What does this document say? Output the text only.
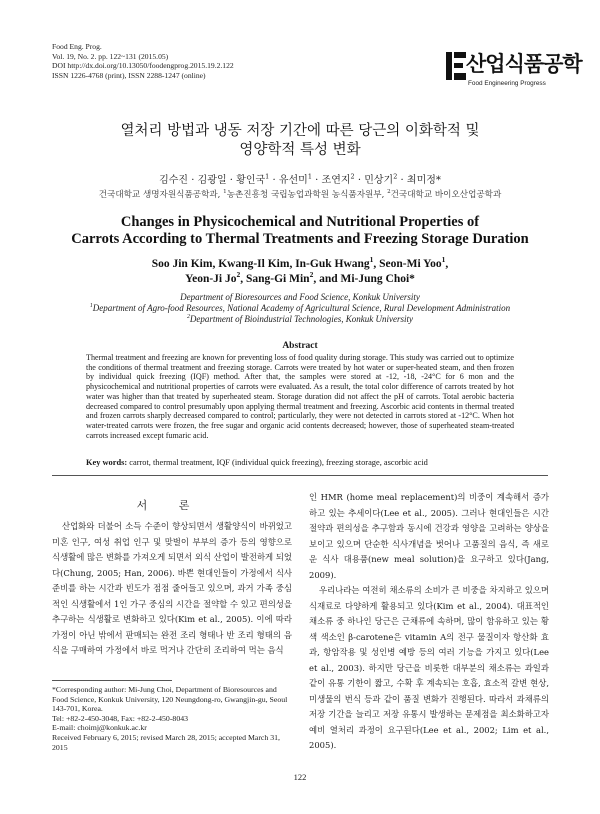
Food Eng. Prog.
Vol. 19, No. 2. pp. 122~131 (2015.05)
DOI http://dx.doi.org/10.13050/foodengprog.2015.19.2.122
ISSN 1226-4768 (print), ISSN 2288-1247 (online)	산업식품공학
Food Engineering Progress
열처리 방법과 냉동 저장 기간에 따른 당근의 이화학적 및
영양학적 특성 변화
김수진 · 김광일 · 황인국$^1$ · 유선미$^1$ · 조연지$^2$ · 민상기$^2$ · 최미정*
건국대학교 생명자원식품공학과, $^1$농촌진흥청 국립농업과학원 농식품자원부, $^2$건국대학교 바이오산업공학과
Changes in Physicochemical and Nutritional Properties of
Carrots According to Thermal Treatments and Freezing Storage Duration
Soo Jin Kim, Kwang-Il Kim, In-Guk Hwang$^1$, Seon-Mi Yoo$^1$,
Yeon-Ji Jo$^2$, Sang-Gi Min$^2$, and Mi-Jung Choi*
Department of Bioresources and Food Science, Konkuk University
$^1$Department of Agro-food Resources, National Academy of Agricultural Science, Rural Development Administration
$^2$Department of Bioindustrial Technologies, Konkuk University
Abstract
Thermal treatment and freezing are known for preventing loss of food quality during storage. This study was carried out to optimize the conditions of thermal treatment and freezing storage. Carrots were treated by hot water or super-heated steam, and then frozen by individual quick freezing (IQF) method. After that, the samples were stored at -12, -18, -24°C for 6 mon and the physicochemical and nutritional properties of carrots were evaluated. As a result, the total color difference of carrots treated by hot water was higher than that treated by superheated steam. Storage duration did not affect the pH of carrots. Total aerobic bacteria decreased compared to control presumably upon applying thermal treatment and freezing. Ascorbic acid contents in thermal treated and frozen carrots sharply decreased compared to control; particularly, they were not detected in carrots stored at -12°C. When hot water-treated carrots were frozen, the free sugar and organic acid contents decreased; however, those of superheated steam-treated carrots increased except fumaric acid.
Key words: carrot, thermal treatment, IQF (individual quick freezing), freezing storage, ascorbic acid
서 론

산업화와 더불어 소득 수준이 향상되면서 생활양식이 바뀌었고 미혼 인구, 여성 취업 인구 및 맞벌이 부부의 증가 등의 영향으로 식생활에 많은 변화를 가져오게 되면서 외식 산업이 발전하게 되었다(Chung, 2005; Han, 2006). 바쁜 현대인들이 가정에서 식사 준비를 하는 시간과 빈도가 점점 줄어들고 있으며, 과거 가족 중심적인 식생활에서 1인 가구 중심의 시간을 절약할 수 있고 편의성을 추구하는 식생활로 변화하고 있다(Kim et al., 2005). 이에 따라 가정이 아닌 밖에서 판매되는 완전 조리 형태나 반 조리 형태의 음식을 구매하여 가정에서 바로 먹거나 간단히 조리하여 먹는 음식

인 HMR (home meal replacement)의 비중이 계속해서 증가하고 있는 추세이다(Lee et al., 2005). 그러나 현대인들은 시간 절약과 편의성을 추구함과 동시에 건강과 영양을 고려하는 양상을 보이고 있으며 단순한 식사개념을 벗어나 고품질의 음식, 즉 새로운 식사 대용품(new meal solution)을 요구하고 있다(Jang, 2009).

우리나라는 여전히 채소류의 소비가 큰 비중을 차지하고 있으며 식재료로 다양하게 활용되고 있다(Kim et al., 2004). 대표적인 채소류 중 하나인 당근은 근채류에 속하며, 많이 함유하고 있는 황색 색소인 β-carotene은 vitamin A의 전구 물질이자 항산화 효과, 항암작용 및 성인병 예방 등의 여러 기능을 가지고 있다(Lee et al., 2003). 하지만 당근을 비롯한 대부분의 채소류는 과일과 같이 유통 기한이 짧고, 수확 후 계속되는 호흡, 효소적 갈변 현상, 미생물의 번식 등과 같이 품질 변화가 진행된다. 따라서 과채류의 저장 기간을 늘리고 저장 유통시 발생하는 문제점을 최소화하고자 예비 열처리 과정이 요구된다(Lee et al., 2002; Lim et al., 2005).

*Corresponding author: Mi-Jung Choi, Department of Bioresources and Food Science, Konkuk University, 120 Neungdong-ro, Gwangjin-gu, Seoul 143-701, Korea.
Tel: +82-2-450-3048, Fax: +82-2-450-8043
E-mail: choimj@konkuk.ac.kr
Received February 6, 2015; revised March 28, 2015; accepted March 31, 2015
122
